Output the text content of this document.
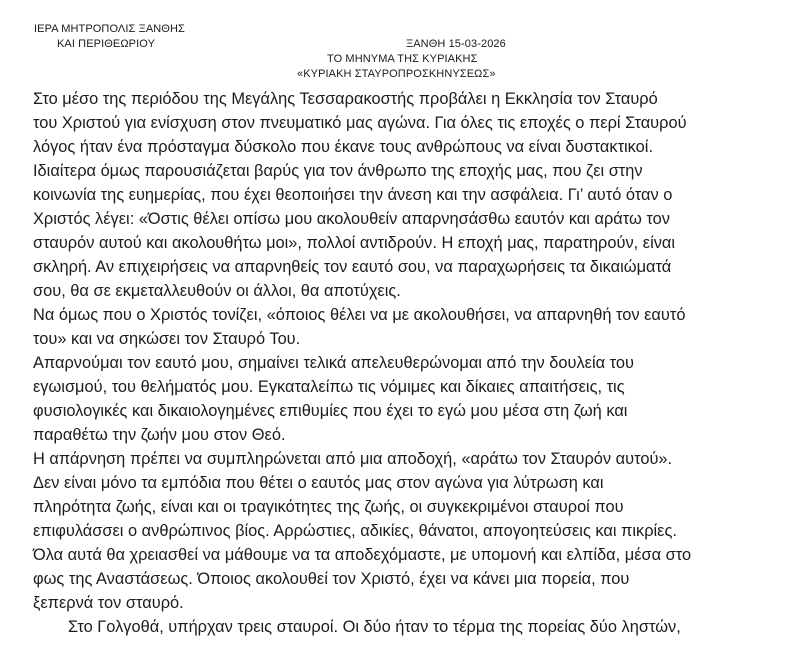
ΙΕΡΑ ΜΗΤΡΟΠΟΛΙΣ ΞΑΝΘΗΣ
ΚΑΙ ΠΕΡΙΘΕΩΡΙΟΥ	ΞΑΝΘΗ 15-03-2026
ΤΟ ΜΗΝΥΜΑ ΤΗΣ ΚΥΡΙΑΚΗΣ
«ΚΥΡΙΑΚΗ ΣΤΑΥΡΟΠΡΟΣΚΗΝΥΣΕΩΣ»
Στο μέσο της περιόδου της Μεγάλης Τεσσαρακοστής προβάλει η Εκκλησία τον Σταυρό
του Χριστού για ενίσχυση στον πνευματικό μας αγώνα. Για όλες τις εποχές ο περί Σταυρού
λόγος ήταν ένα πρόσταγμα δύσκολο που έκανε τους ανθρώπους να είναι δυστακτικοί.
Ιδιαίτερα όμως παρουσιάζεται βαρύς για τον άνθρωπο της εποχής μας, που ζει στην
κοινωνία της ευημερίας, που έχει θεοποιήσει την άνεση και την ασφάλεια. Γι’ αυτό όταν ο
Χριστός λέγει: «Όστις θέλει οπίσω μου ακολουθείν απαρνησάσθω εαυτόν και αράτω τον
σταυρόν αυτού και ακολουθήτω μοι», πολλοί αντιδρούν. Η εποχή μας, παρατηρούν, είναι
σκληρή. Αν επιχειρήσεις να απαρνηθείς τον εαυτό σου, να παραχωρήσεις τα δικαιώματά
σου, θα σε εκμεταλλευθούν οι άλλοι, θα αποτύχεις.
Να όμως που ο Χριστός τονίζει, «όποιος θέλει να με ακολουθήσει, να απαρνηθή τον εαυτό
του» και να σηκώσει τον Σταυρό Του.
Απαρνούμαι τον εαυτό μου, σημαίνει τελικά απελευθερώνομαι από την δουλεία του
εγωισμού, του θελήματός μου. Εγκαταλείπω τις νόμιμες και δίκαιες απαιτήσεις, τις
φυσιολογικές και δικαιολογημένες επιθυμίες που έχει το εγώ μου μέσα στη ζωή και
παραθέτω την ζωήν μου στον Θεό.
Η απάρνηση πρέπει να συμπληρώνεται από μια αποδοχή, «αράτω τον Σταυρόν αυτού».
Δεν είναι μόνο τα εμπόδια που θέτει ο εαυτός μας στον αγώνα για λύτρωση και
πληρότητα ζωής, είναι και οι τραγικότητες της ζωής, οι συγκεκριμένοι σταυροί που
επιφυλάσσει ο ανθρώπινος βίος. Αρρώστιες, αδικίες, θάνατοι, απογοητεύσεις και πικρίες.
Όλα αυτά θα χρειασθεί να μάθουμε να τα αποδεχόμαστε, με υπομονή και ελπίδα, μέσα στο
φως της Αναστάσεως. Όποιος ακολουθεί τον Χριστό, έχει να κάνει μια πορεία, που
ξεπερνά τον σταυρό.
Στο Γολγοθά, υπήρχαν τρεις σταυροί. Οι δύο ήταν το τέρμα της πορείας δύο ληστών,
